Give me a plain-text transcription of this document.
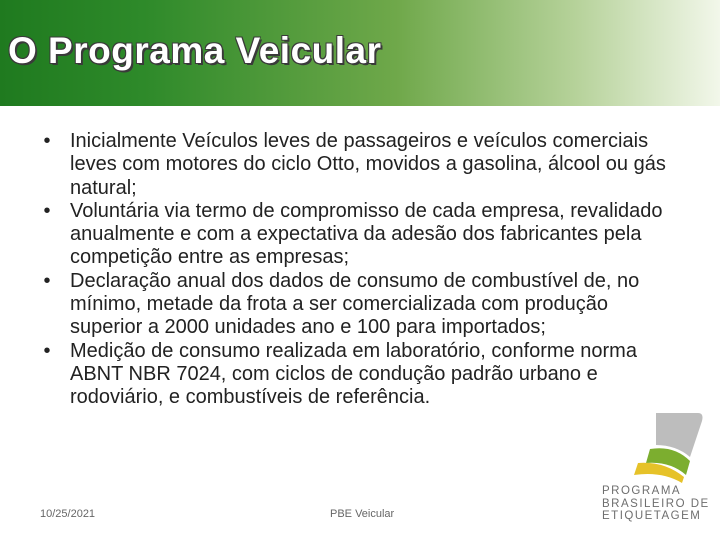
O Programa Veicular
• Inicialmente Veículos leves de passageiros e veículos comerciais leves com motores do ciclo Otto, movidos a gasolina, álcool ou gás natural;
• Voluntária via termo de compromisso de cada empresa, revalidado anualmente e com a expectativa da adesão dos fabricantes pela competição entre as empresas;
• Declaração anual dos dados de consumo de combustível de, no mínimo, metade da frota a ser comercializada com produção superior a 2000 unidades ano e 100 para importados;
• Medição de consumo realizada em laboratório, conforme norma ABNT NBR 7024, com ciclos de condução padrão urbano e rodoviário, e combustíveis de referência.
PROGRAMA
BRASILEIRO DE
ETIQUETAGEM
10/25/2021	PBE Veicular
